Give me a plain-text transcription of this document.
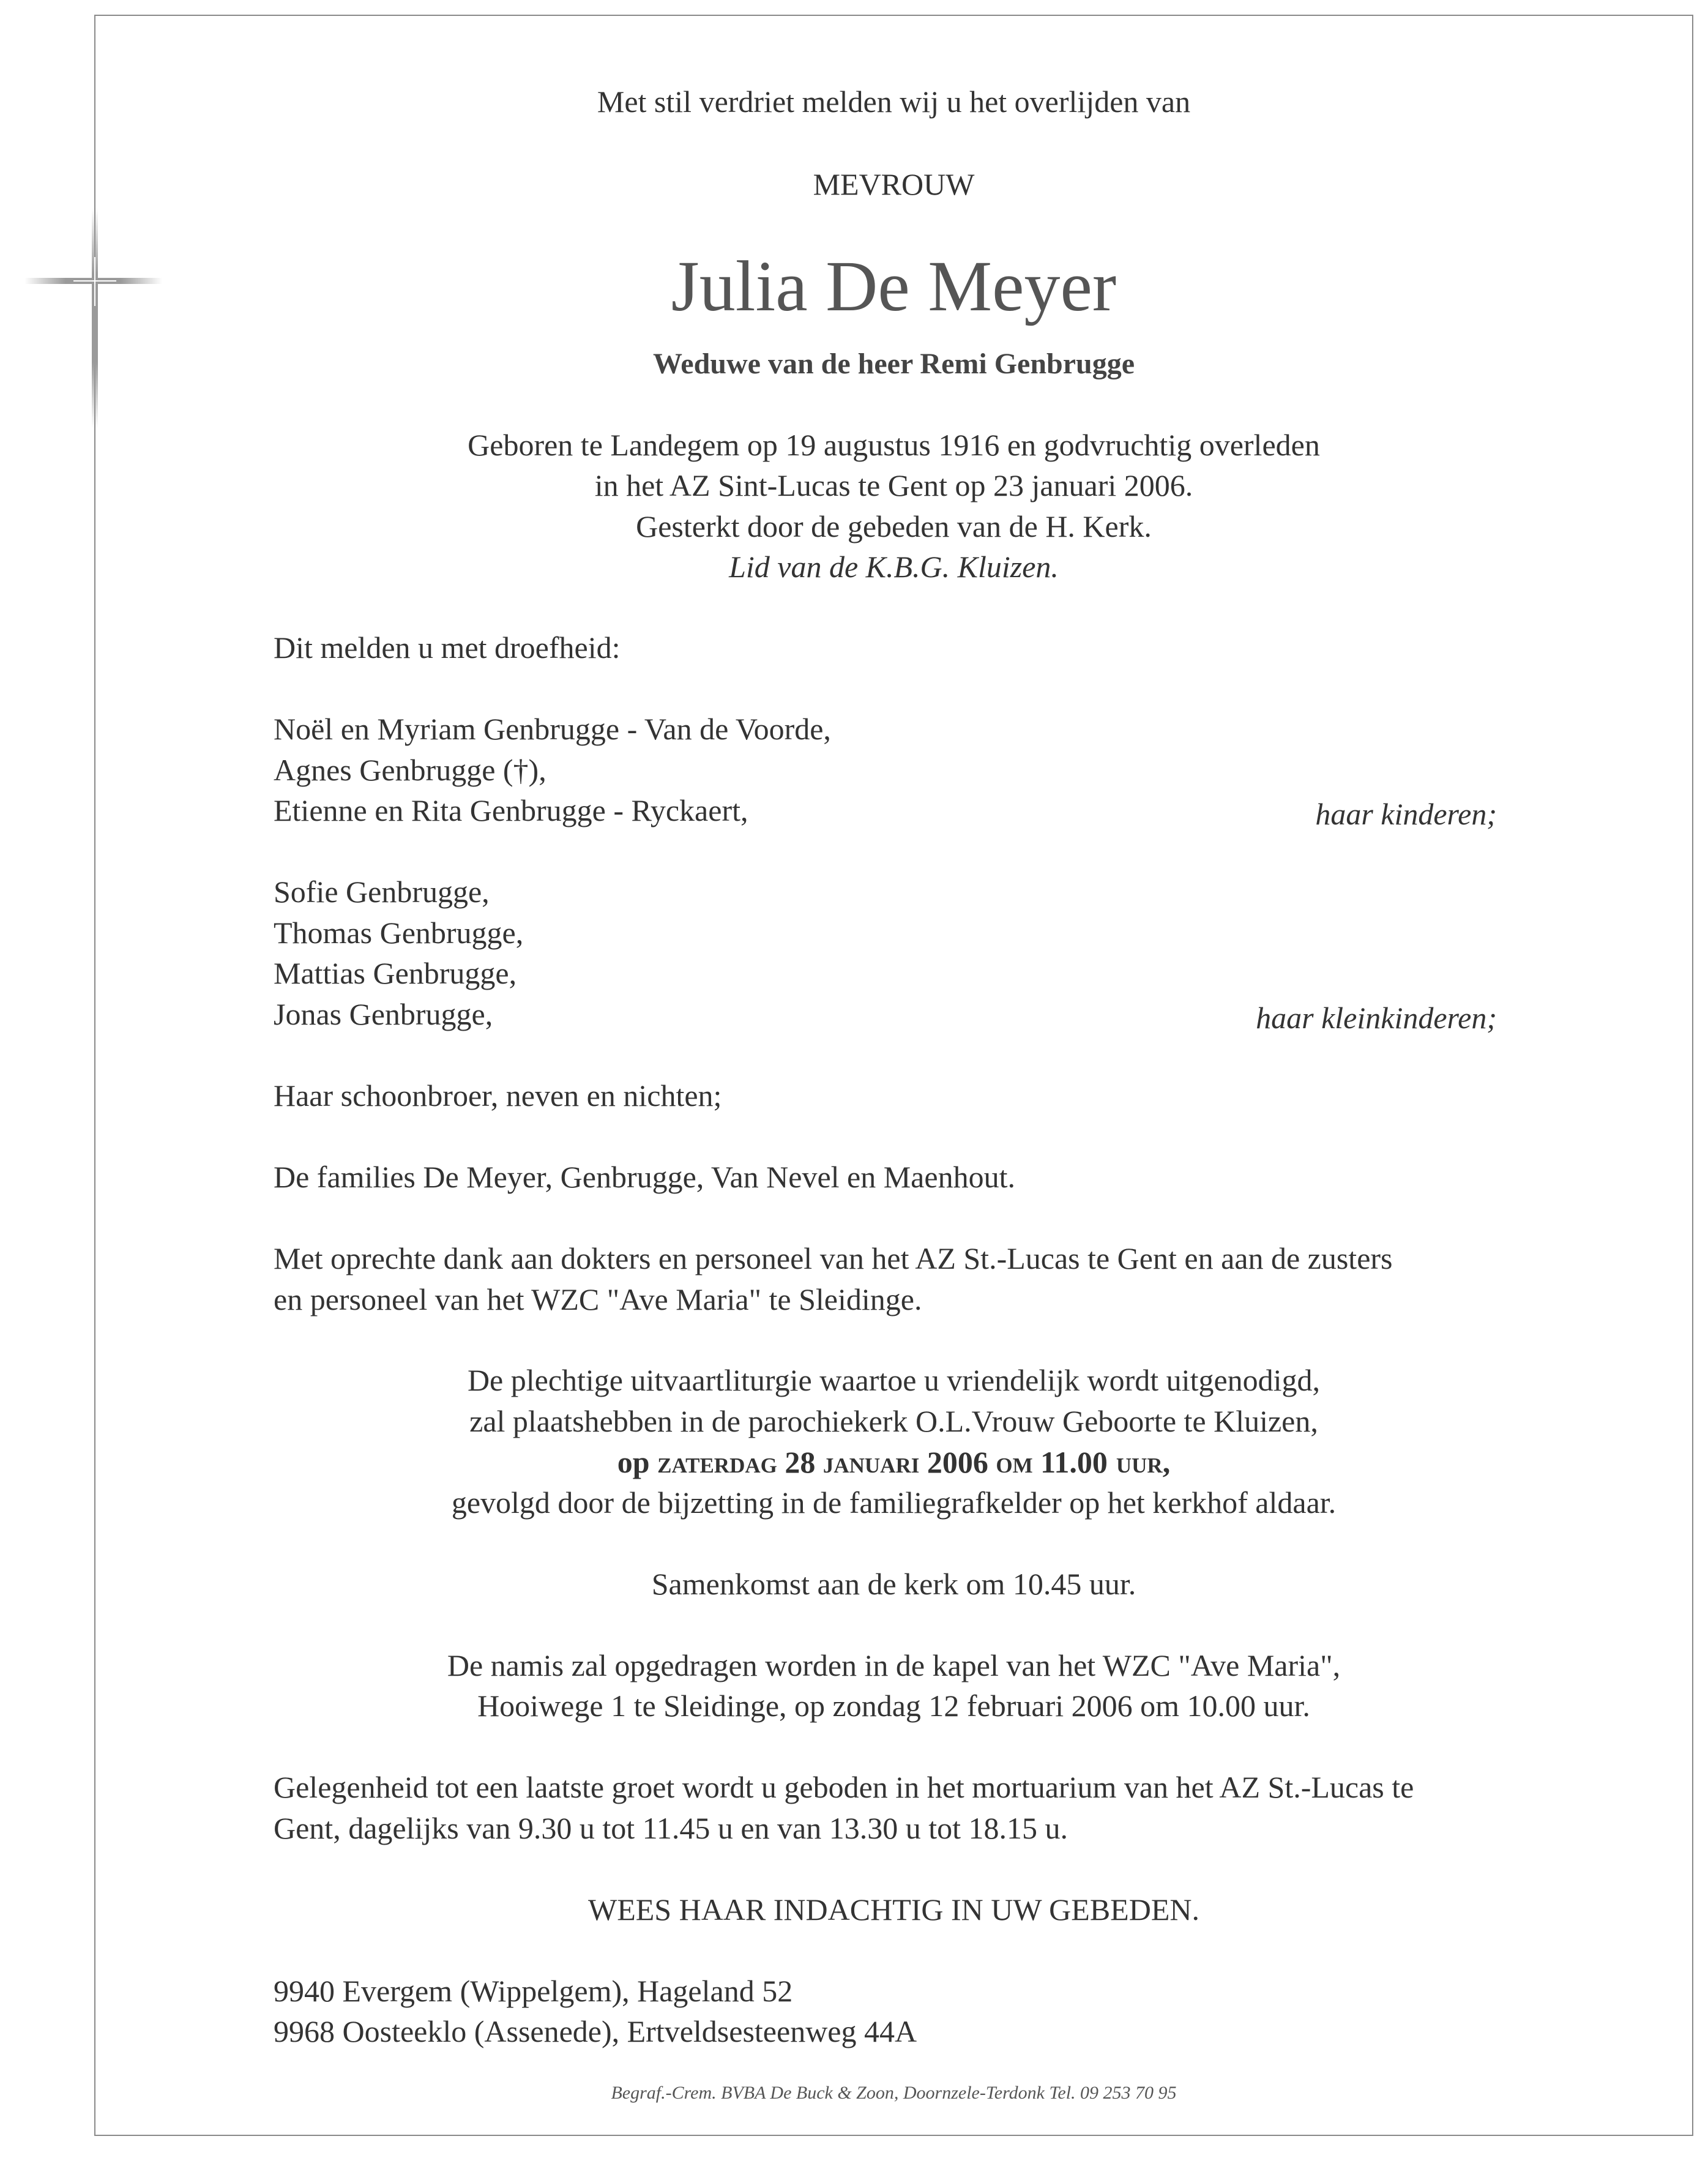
Met stil verdriet melden wij u het overlijden van
MEVROUW
Julia De Meyer
Weduwe van de heer Remi Genbrugge
Geboren te Landegem op 19 augustus 1916 en godvruchtig overleden
in het AZ Sint-Lucas te Gent op 23 januari 2006.
Gesterkt door de gebeden van de H. Kerk.
Lid van de K.B.G. Kluizen.
Dit melden u met droefheid:
Noël en Myriam Genbrugge - Van de Voorde,
Agnes Genbrugge (†),
Etienne en Rita Genbrugge - Ryckaert,	haar kinderen;
Sofie Genbrugge,
Thomas Genbrugge,
Mattias Genbrugge,
Jonas Genbrugge,	haar kleinkinderen;
Haar schoonbroer, neven en nichten;
De families De Meyer, Genbrugge, Van Nevel en Maenhout.
Met oprechte dank aan dokters en personeel van het AZ St.-Lucas te Gent en aan de zusters
en personeel van het WZC "Ave Maria" te Sleidinge.
De plechtige uitvaartliturgie waartoe u vriendelijk wordt uitgenodigd,
zal plaatshebben in de parochiekerk O.L.Vrouw Geboorte te Kluizen,
op zaterdag 28 januari 2006 om 11.00 uur,
gevolgd door de bijzetting in de familiegrafkelder op het kerkhof aldaar.
Samenkomst aan de kerk om 10.45 uur.
De namis zal opgedragen worden in de kapel van het WZC "Ave Maria",
Hooiwege 1 te Sleidinge, op zondag 12 februari 2006 om 10.00 uur.
Gelegenheid tot een laatste groet wordt u geboden in het mortuarium van het AZ St.-Lucas te
Gent, dagelijks van 9.30 u tot 11.45 u en van 13.30 u tot 18.15 u.
WEES HAAR INDACHTIG IN UW GEBEDEN.
9940 Evergem (Wippelgem), Hageland 52
9968 Oosteeklo (Assenede), Ertveldsesteenweg 44A
Begraf.-Crem. BVBA De Buck & Zoon, Doornzele-Terdonk Tel. 09 253 70 95
